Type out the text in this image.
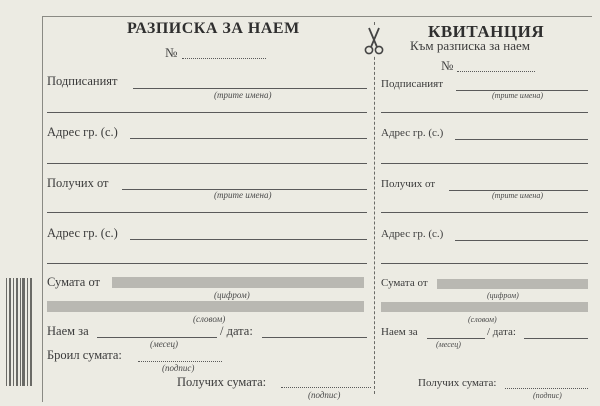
РАЗПИСКА ЗА НАЕМ
№
Подписаният
(трите имена)
Адрес гр. (с.)
Получих от
(трите имена)
Адрес гр. (с.)
Сумата от
(цифром)
(словом)
Наем за	/ дата:
(месец)
Броил сумата:
(подпис)
Получих сумата:
(подпис)
КВИТАНЦИЯ
Към разписка за наем
№
Подписаният
(трите имена)
Адрес гр. (с.)
Получих от
(трите имена)
Адрес гр. (с.)
Сумата от
(цифром)
(словом)
Наем за	/ дата:
(месец)
Получих сумата:
(подпис)
